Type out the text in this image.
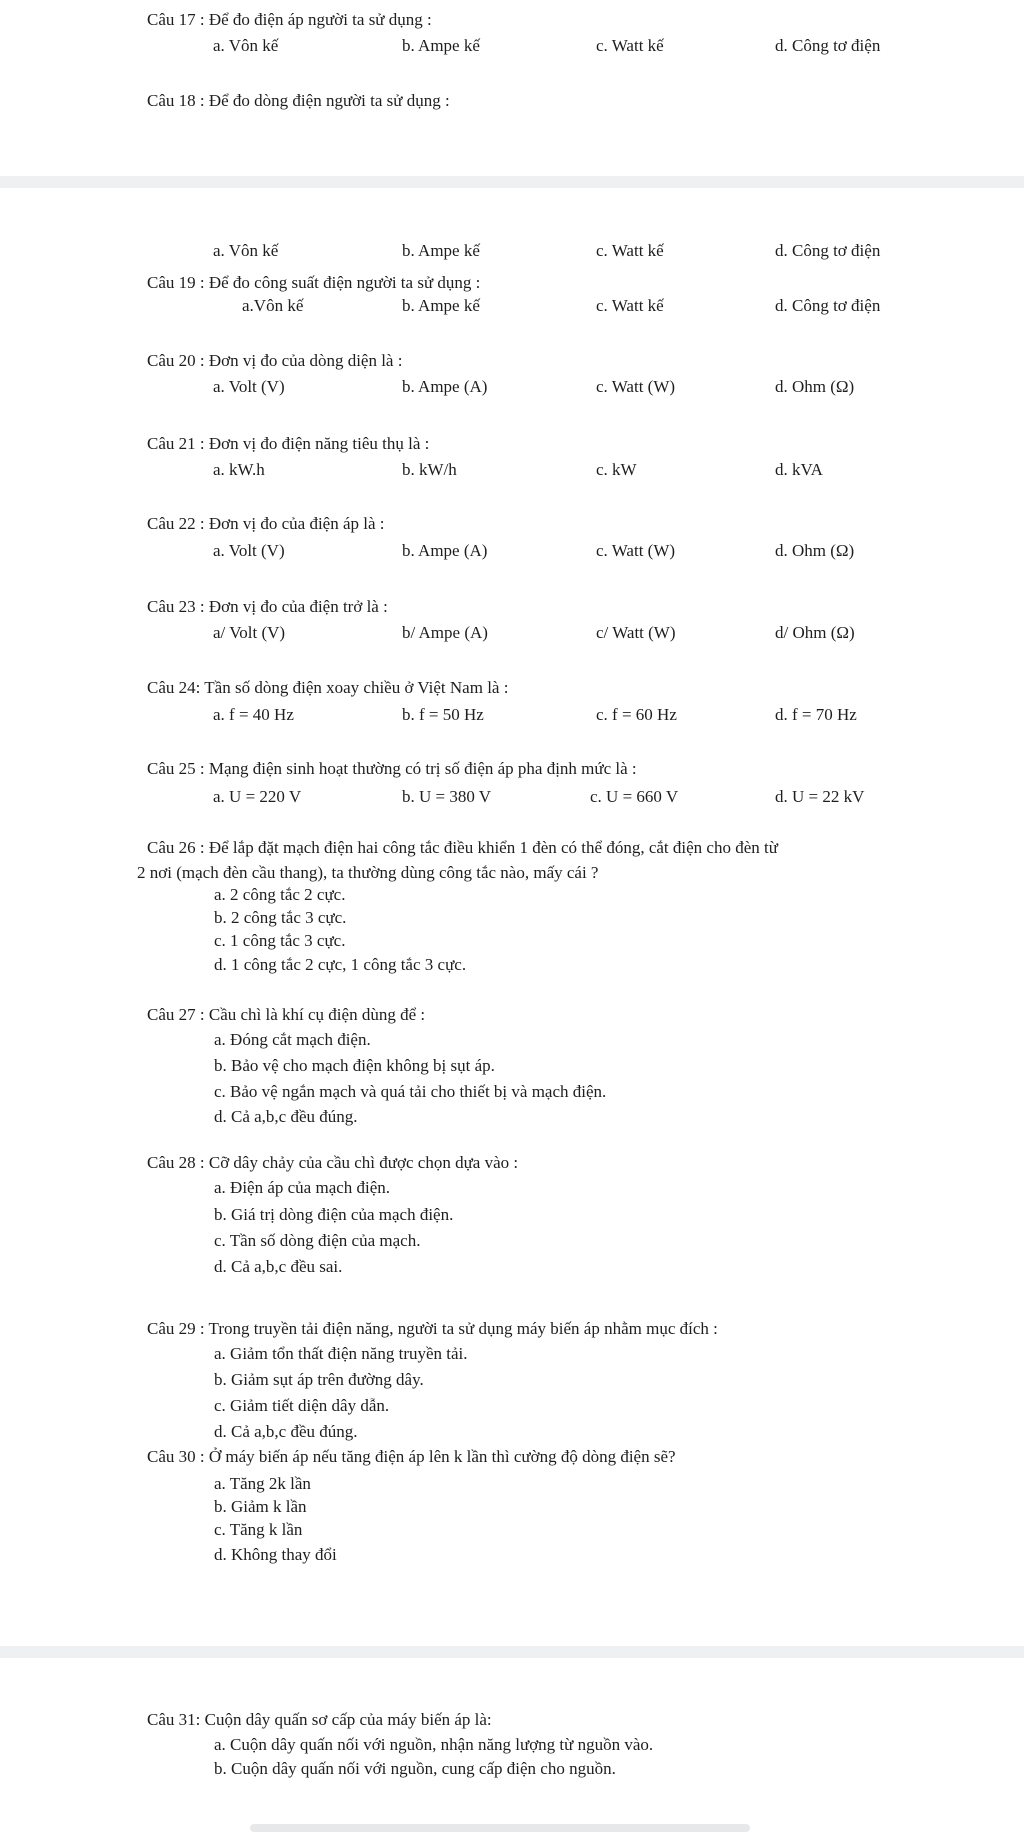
Câu 17 : Để đo điện áp người ta sử dụng :
a. Vôn kế	b. Ampe kế	c. Watt kế	d. Công tơ điện
Câu 18 : Để đo dòng điện người ta sử dụng :
a. Vôn kế	b. Ampe kế	c. Watt kế	d. Công tơ điện
Câu 19 : Để đo công suất điện người ta sử dụng :
a.Vôn kế	b. Ampe kế	c. Watt kế	d. Công tơ điện
Câu 20 : Đơn vị đo của dòng diện là :
a. Volt (V)	b. Ampe (A)	c. Watt (W)	d. Ohm (Ω)
Câu 21 : Đơn vị đo điện năng tiêu thụ là :
a. kW.h	b. kW/h	c. kW	d. kVA
Câu 22 : Đơn vị đo của điện áp là :
a. Volt (V)	b. Ampe (A)	c. Watt (W)	d. Ohm (Ω)
Câu 23 : Đơn vị đo của điện trở là :
a/ Volt (V)	b/ Ampe (A)	c/ Watt (W)	d/ Ohm (Ω)
Câu 24: Tần số dòng điện xoay chiều ở Việt Nam là :
a. f = 40 Hz	b. f = 50 Hz	c. f = 60 Hz	d. f = 70 Hz
Câu 25 : Mạng điện sinh hoạt thường có trị số điện áp pha định mức là :
a. U = 220 V	b. U = 380 V	c. U = 660 V	d. U = 22 kV
Câu 26 : Để lắp đặt mạch điện hai công tắc điều khiển 1 đèn có thể đóng, cắt điện cho đèn từ
2 nơi (mạch đèn cầu thang), ta thường dùng công tắc nào, mấy cái ?
a. 2 công tắc 2 cực.
b. 2 công tắc 3 cực.
c. 1 công tắc 3 cực.
d. 1 công tắc 2 cực, 1 công tắc 3 cực.
Câu 27 : Cầu chì là khí cụ điện dùng để :
a. Đóng cắt mạch điện.
b. Bảo vệ cho mạch điện không bị sụt áp.
c. Bảo vệ ngắn mạch và quá tải cho thiết bị và mạch điện.
d. Cả a,b,c đều đúng.
Câu 28 : Cỡ dây chảy của cầu chì được chọn dựa vào :
a. Điện áp của mạch điện.
b. Giá trị dòng điện của mạch điện.
c. Tần số dòng điện của mạch.
d. Cả a,b,c đều sai.
Câu 29 : Trong truyền tải điện năng, người ta sử dụng máy biến áp nhằm mục đích :
a. Giảm tổn thất điện năng truyền tải.
b. Giảm sụt áp trên đường dây.
c. Giảm tiết diện dây dẫn.
d. Cả a,b,c đều đúng.
Câu 30 : Ở máy biến áp nếu tăng điện áp lên k lần thì cường độ dòng điện sẽ?
a. Tăng 2k lần
b. Giảm k lần
c. Tăng k lần
d. Không thay đổi
Câu 31: Cuộn dây quấn sơ cấp của máy biến áp là:
a. Cuộn dây quấn nối với nguồn, nhận năng lượng từ nguồn vào.
b. Cuộn dây quấn nối với nguồn, cung cấp điện cho nguồn.
